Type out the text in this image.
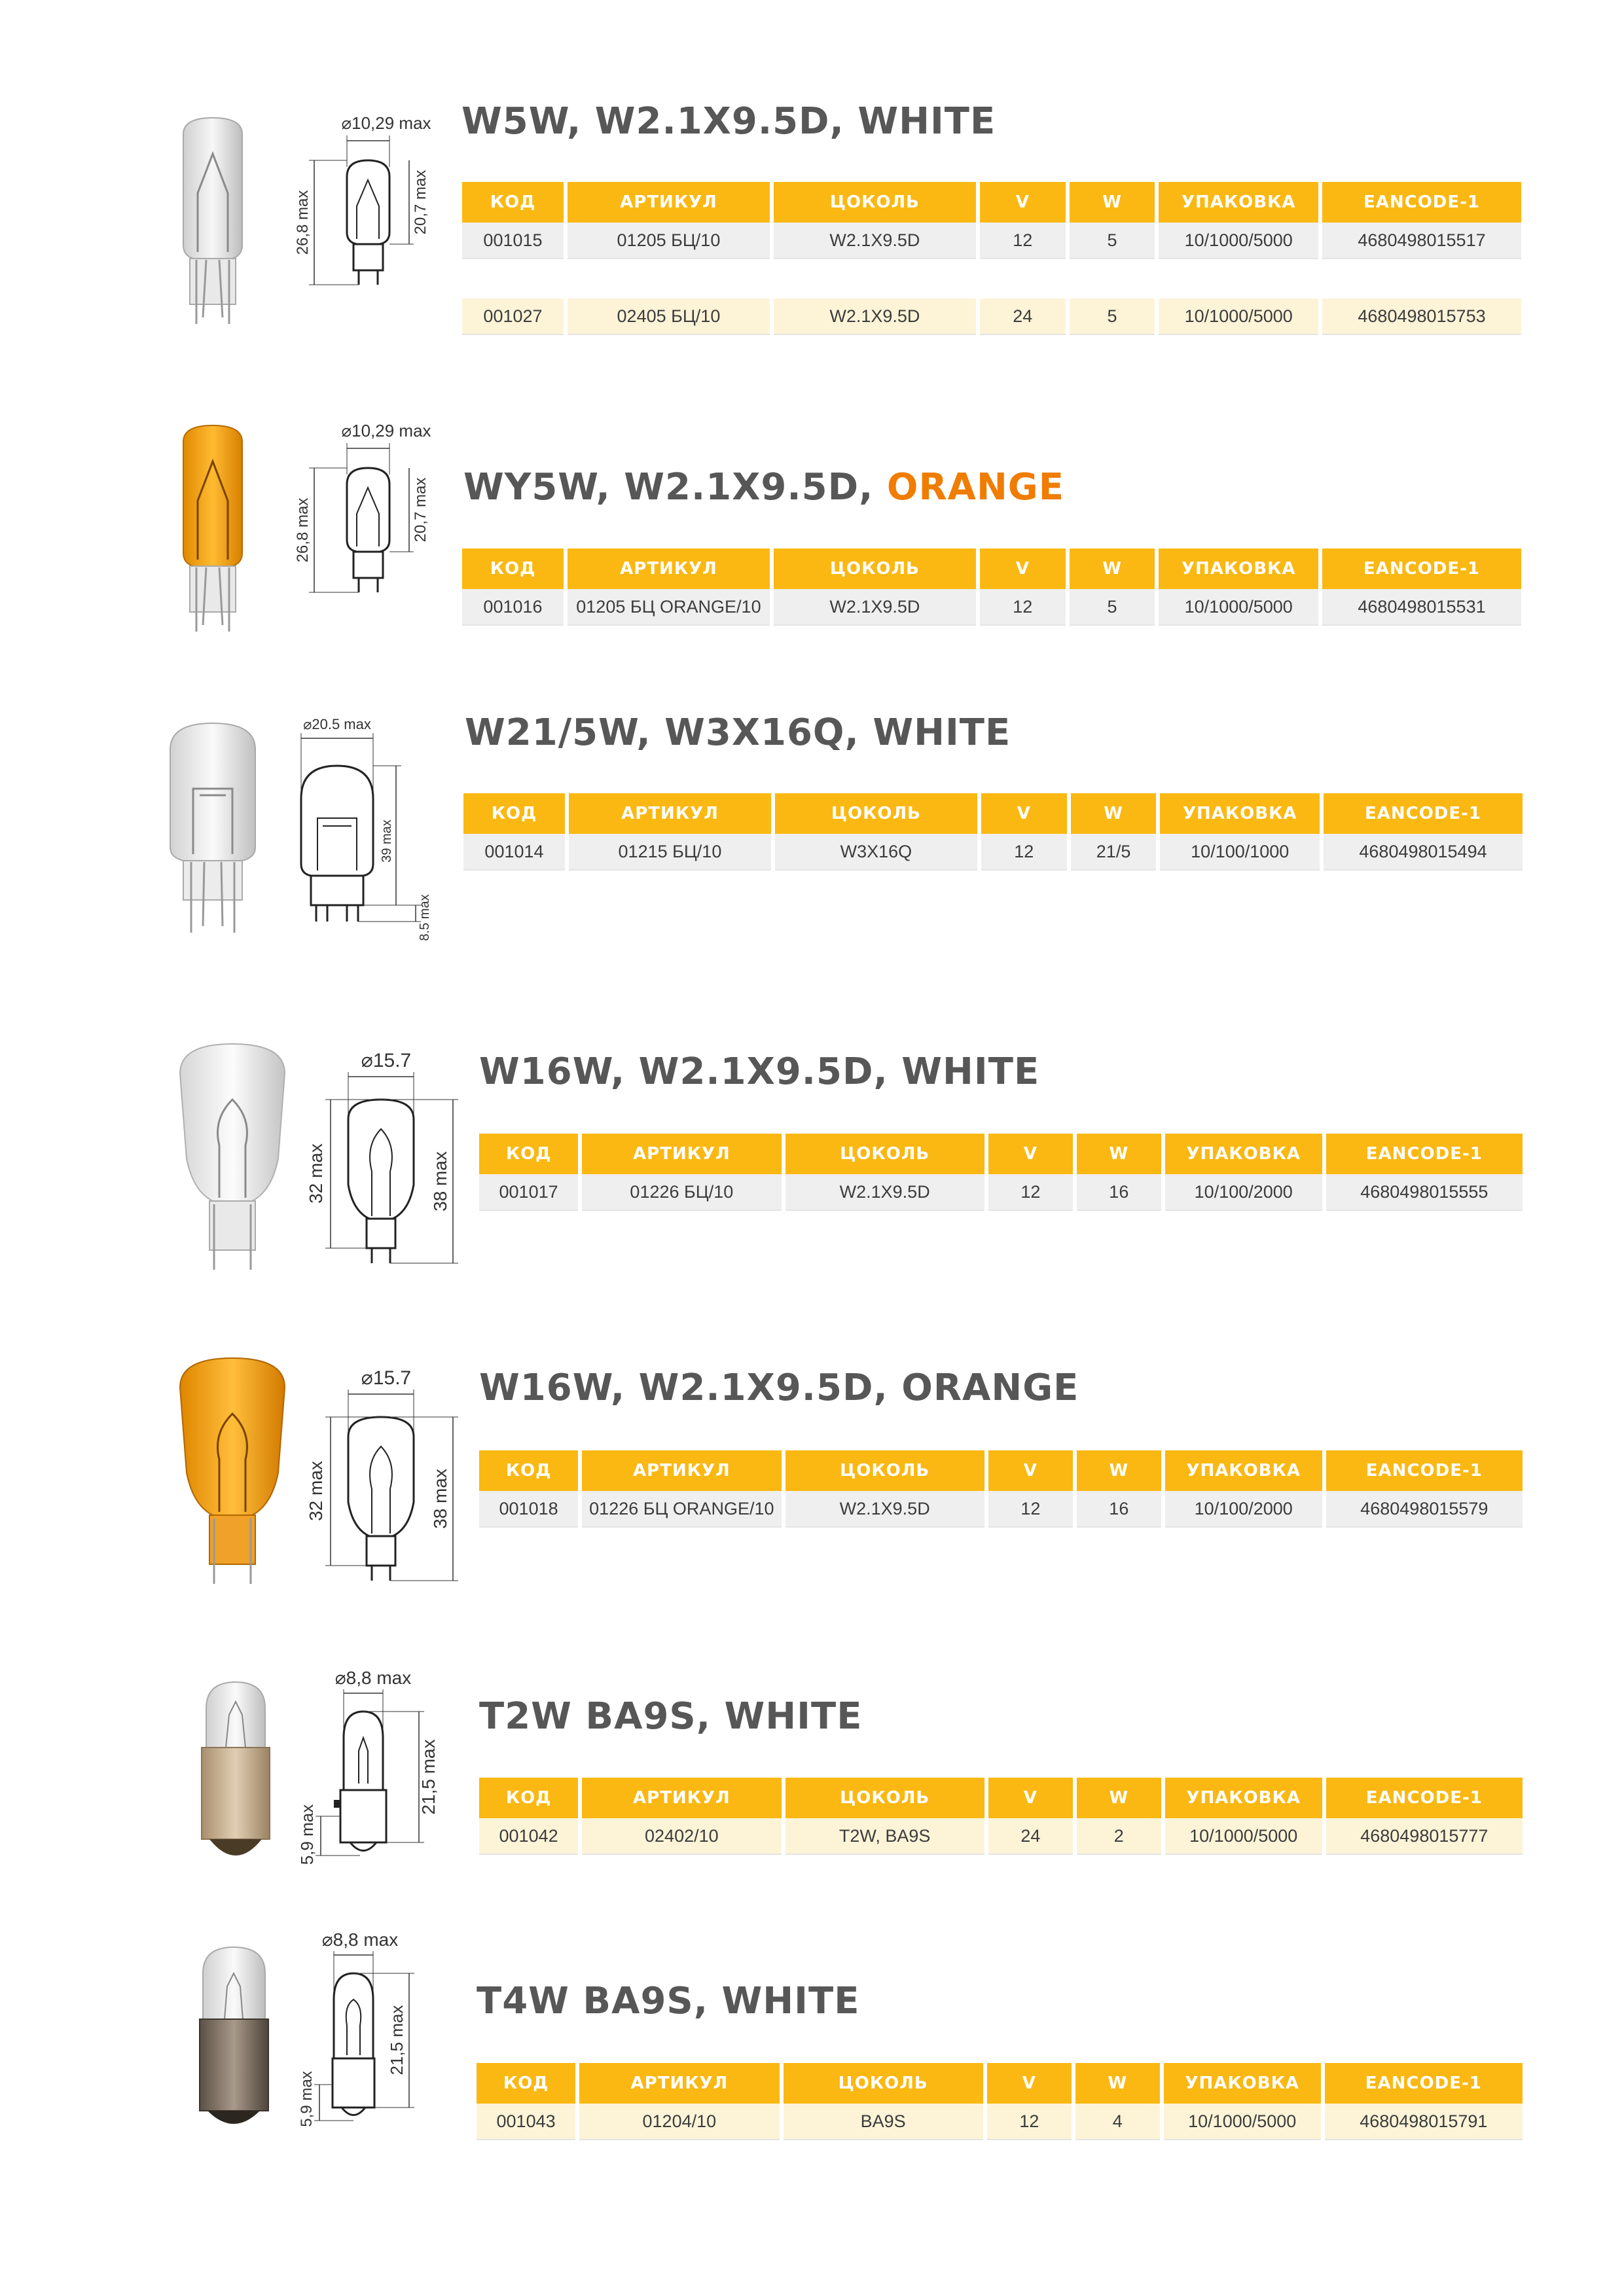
⌀10,29 max
26,8 max	20,7 max
W5W, W2.1X9.5D, WHITE
КОД	АРТИКУЛ	ЦОКОЛЬ	V	W	УПАКОВКА	EANCODE-1
001015	01205 БЦ/10	W2.1X9.5D	12	5	10/1000/5000	4680498015517

001027	02405 БЦ/10	W2.1X9.5D	24	5	10/1000/5000	4680498015753
⌀10,29 max
26,8 max	20,7 max WY5W, W2.1X9.5D, ORANGE
КОД	АРТИКУЛ	ЦОКОЛЬ	V	W	УПАКОВКА	EANCODE-1
001016	01205 БЦ ORANGE/10	W2.1X9.5D	12	5	10/1000/5000	4680498015531
⌀20.5 max
39 max
8.5 max
W21/5W, W3X16Q, WHITE
КОД	АРТИКУЛ	ЦОКОЛЬ	V	W	УПАКОВКА	EANCODE-1
001014	01215 БЦ/10	W3X16Q	12	21/5	10/100/1000	4680498015494
⌀15.7
32 max	38 max
W16W, W2.1X9.5D, WHITE
КОД	АРТИКУЛ	ЦОКОЛЬ	V	W	УПАКОВКА	EANCODE-1
001017	01226 БЦ/10	W2.1X9.5D	12	16	10/100/2000	4680498015555
⌀15.7
32 max	38 max
W16W, W2.1X9.5D, ORANGE
КОД	АРТИКУЛ	ЦОКОЛЬ	V	W	УПАКОВКА	EANCODE-1
001018	01226 БЦ ORANGE/10	W2.1X9.5D	12	16	10/100/2000	4680498015579
⌀8,8 max
21,5 max
5,9 max
T2W BA9S, WHITE
КОД	АРТИКУЛ	ЦОКОЛЬ	V	W	УПАКОВКА	EANCODE-1
001042	02402/10	T2W, BA9S	24	2	10/1000/5000	4680498015777
⌀8,8 max
21,5 max
5,9 max
T4W BA9S, WHITE
КОД	АРТИКУЛ	ЦОКОЛЬ	V	W	УПАКОВКА	EANCODE-1
001043	01204/10	BA9S	12	4	10/1000/5000	4680498015791
